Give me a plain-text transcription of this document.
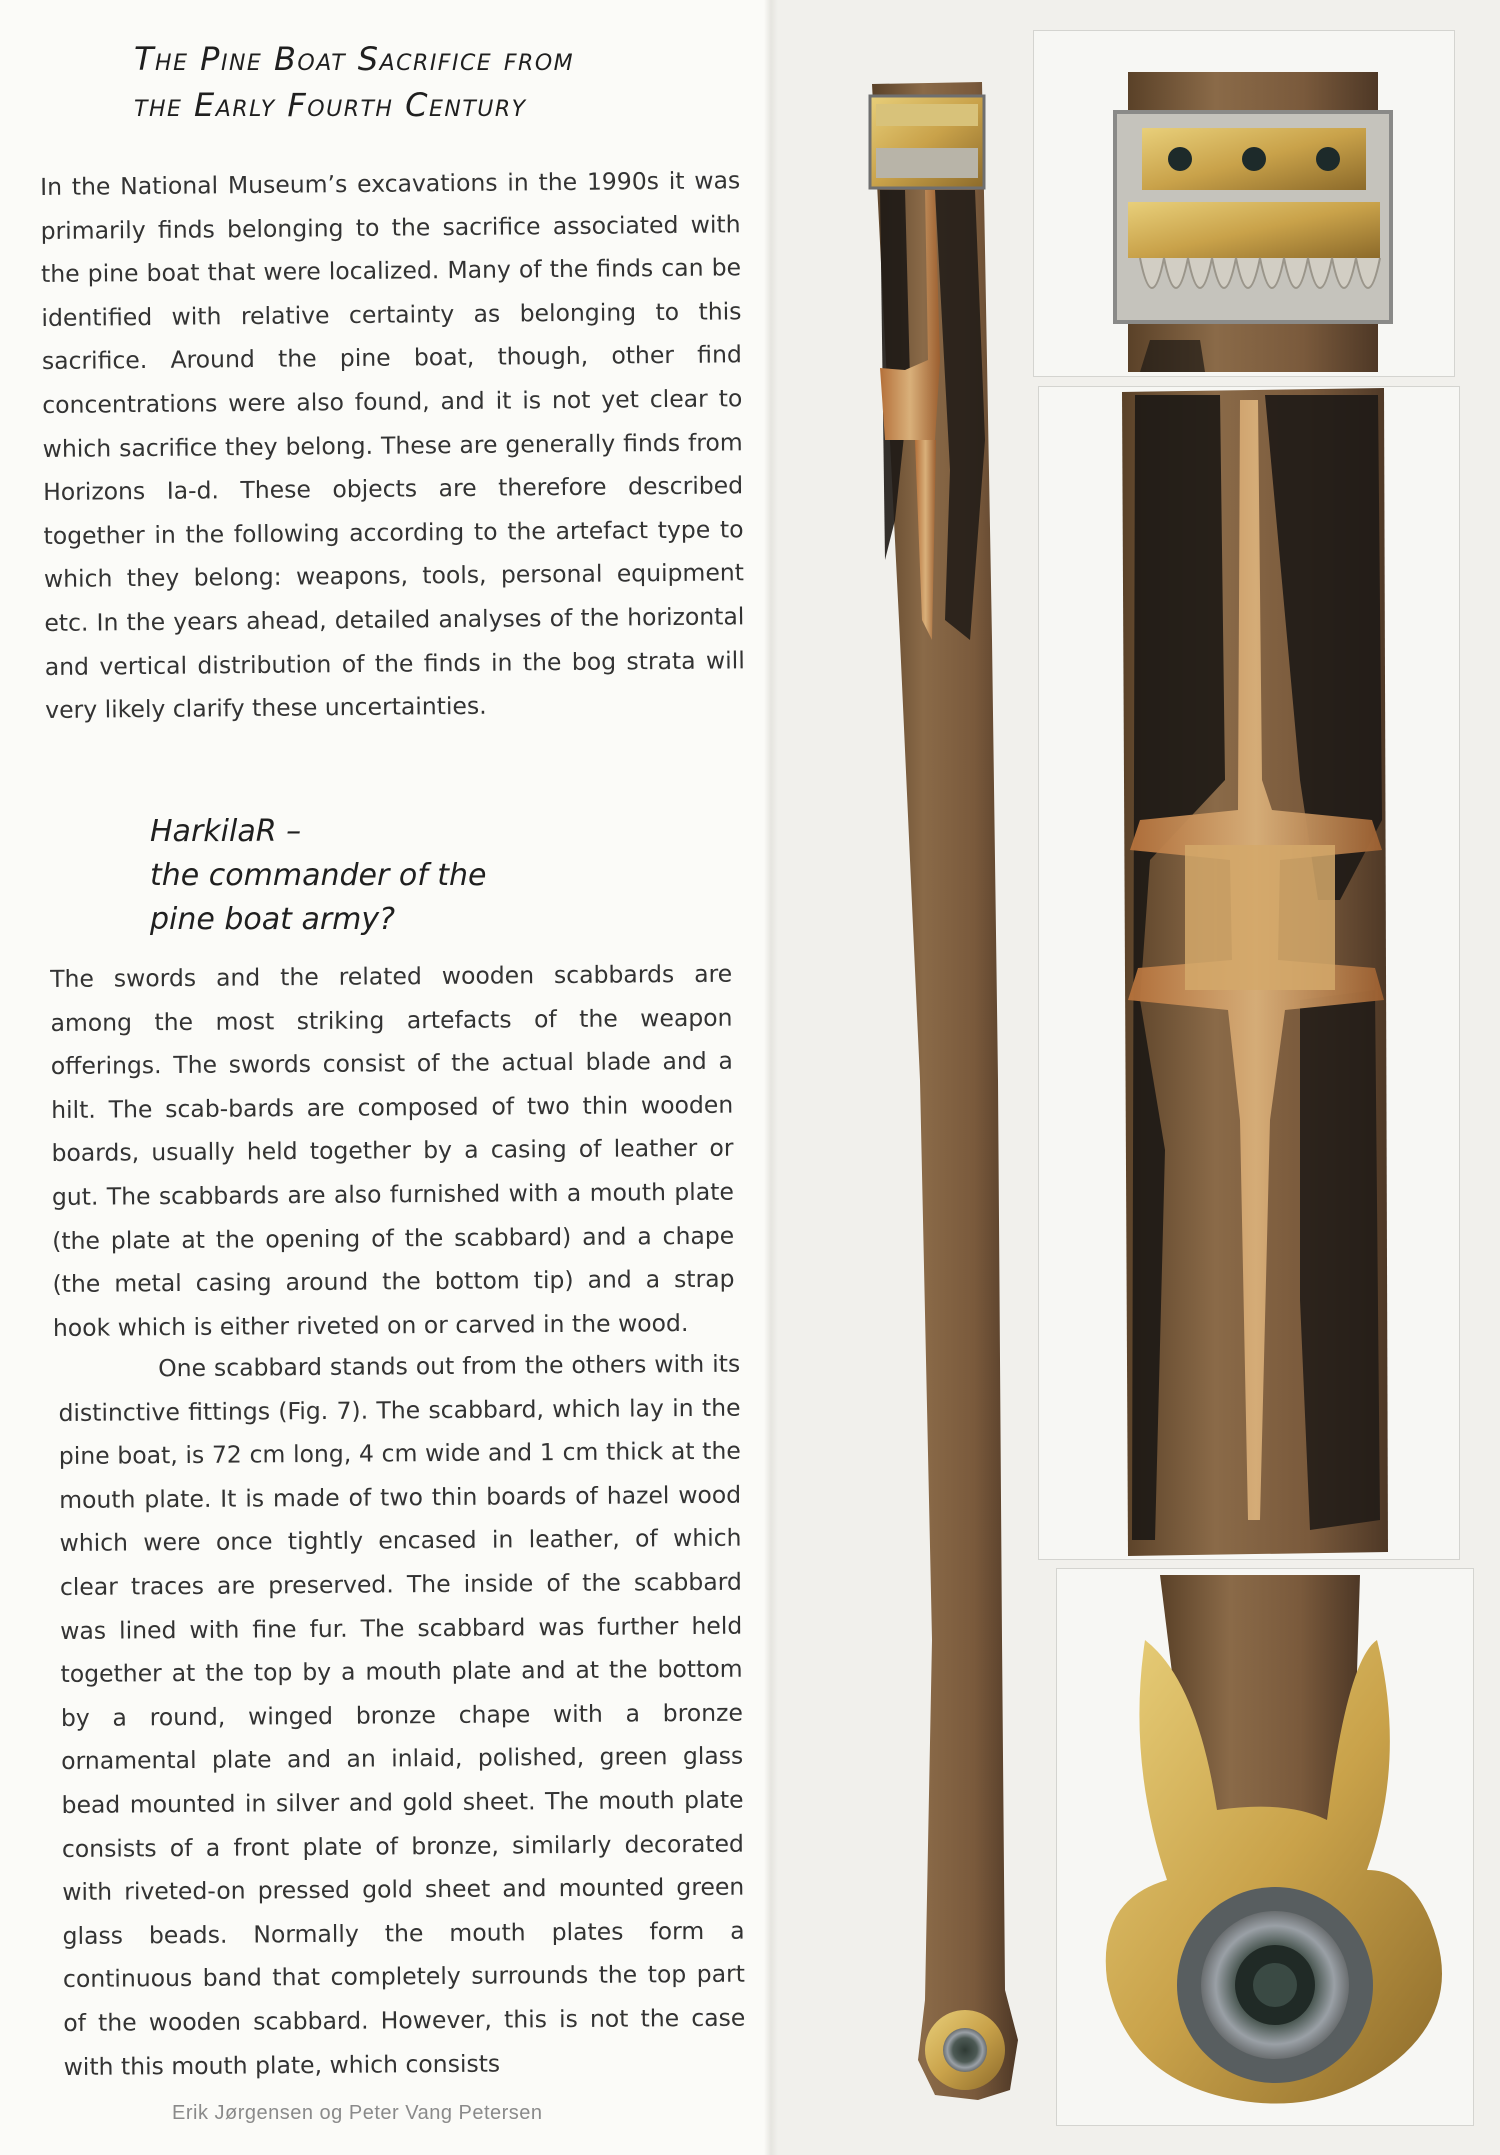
The Pine Boat Sacrifice from
the Early Fourth Century
In the National Museum’s excavations in the 1990s it was primarily finds belonging to the sacrifice associated with the pine boat that were localized. Many of the finds can be identified with relative certainty as belonging to this sacrifice. Around the pine boat, though, other find concentrations were also found, and it is not yet clear to which sacrifice they belong. These are generally finds from Horizons Ia-d. These objects are therefore described together in the following according to the artefact type to which they belong: weapons, tools, personal equipment etc. In the years ahead, detailed analyses of the horizontal and vertical distribution of the finds in the bog strata will very likely clarify these uncertainties.
HarkilaR –
the commander of the
pine boat army?
The swords and the related wooden scabbards are among the most striking artefacts of the weapon offerings. The swords consist of the actual blade and a hilt. The scab-bards are composed of two thin wooden boards, usually held together by a casing of leather or gut. The scabbards are also furnished with a mouth plate (the plate at the opening of the scabbard) and a chape (the metal casing around the bottom tip) and a strap hook which is either riveted on or carved in the wood.
One scabbard stands out from the others with its distinctive fittings (Fig. 7). The scabbard, which lay in the pine boat, is 72 cm long, 4 cm wide and 1 cm thick at the mouth plate. It is made of two thin boards of hazel wood which were once tightly encased in leather, of which clear traces are preserved. The inside of the scabbard was lined with fine fur. The scabbard was further held together at the top by a mouth plate and at the bottom by a round, winged bronze chape with a bronze ornamental plate and an inlaid, polished, green glass bead mounted in silver and gold sheet. The mouth plate consists of a front plate of bronze, similarly decorated with riveted-on pressed gold sheet and mounted green glass beads. Normally the mouth plates form a continuous band that completely surrounds the top part of the wooden scabbard. However, this is not the case with this mouth plate, which consists
Erik Jørgensen og Peter Vang Petersen
